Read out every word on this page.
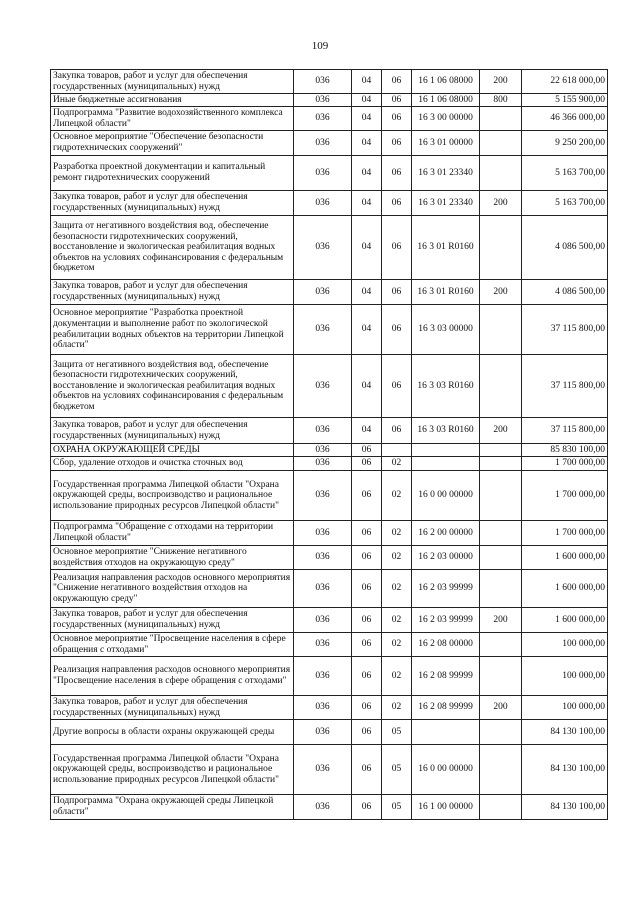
109
Закупка товаров, работ и услуг для обеспечения государственных (муниципальных) нужд	036	04	06	16 1 06 08000	200	22 618 000,00
Иные бюджетные ассигнования	036	04	06	16 1 06 08000	800	5 155 900,00
Подпрограмма "Развитие водохозяйственного комплекса Липецкой области"	036	04	06	16 3 00 00000		46 366 000,00
Основное мероприятие "Обеспечение безопасности гидротехнических сооружений"	036	04	06	16 3 01 00000		9 250 200,00
Разработка проектной документации и капитальный ремонт гидротехнических сооружений	036	04	06	16 3 01 23340		5 163 700,00
Закупка товаров, работ и услуг для обеспечения государственных (муниципальных) нужд	036	04	06	16 3 01 23340	200	5 163 700,00
Защита от негативного воздействия вод, обеспечение безопасности гидротехнических сооружений, восстановление и экологическая реабилитация водных объектов на условиях софинансирования с федеральным бюджетом	036	04	06	16 3 01 R0160		4 086 500,00
Закупка товаров, работ и услуг для обеспечения государственных (муниципальных) нужд	036	04	06	16 3 01 R0160	200	4 086 500,00
Основное мероприятие "Разработка проектной документации и выполнение работ по экологической реабилитации водных объектов на территории Липецкой области"	036	04	06	16 3 03 00000		37 115 800,00
Защита от негативного воздействия вод, обеспечение безопасности гидротехнических сооружений, восстановление и экологическая реабилитация водных объектов на условиях софинансирования с федеральным бюджетом	036	04	06	16 3 03 R0160		37 115 800,00
Закупка товаров, работ и услуг для обеспечения государственных (муниципальных) нужд	036	04	06	16 3 03 R0160	200	37 115 800,00
ОХРАНА ОКРУЖАЮЩЕЙ СРЕДЫ	036	06				85 830 100,00
Сбор, удаление отходов и очистка сточных вод	036	06	02			1 700 000,00
Государственная программа Липецкой области "Охрана окружающей среды, воспроизводство и рациональное использование природных ресурсов Липецкой области"	036	06	02	16 0 00 00000		1 700 000,00
Подпрограмма "Обращение с отходами на территории Липецкой области"	036	06	02	16 2 00 00000		1 700 000,00
Основное мероприятие "Снижение негативного воздействия отходов на окружающую среду"	036	06	02	16 2 03 00000		1 600 000,00
Реализация направления расходов основного мероприятия "Снижение негативного воздействия отходов на окружающую среду"	036	06	02	16 2 03 99999		1 600 000,00
Закупка товаров, работ и услуг для обеспечения государственных (муниципальных) нужд	036	06	02	16 2 03 99999	200	1 600 000,00
Основное мероприятие "Просвещение населения в сфере обращения с отходами"	036	06	02	16 2 08 00000		100 000,00
Реализация направления расходов основного мероприятия "Просвещение населения в сфере обращения с отходами"	036	06	02	16 2 08 99999		100 000,00
Закупка товаров, работ и услуг для обеспечения государственных (муниципальных) нужд	036	06	02	16 2 08 99999	200	100 000,00
Другие вопросы в области охраны окружающей среды	036	06	05			84 130 100,00
Государственная программа Липецкой области "Охрана окружающей среды, воспроизводство и рациональное использование природных ресурсов Липецкой области"	036	06	05	16 0 00 00000		84 130 100,00
Подпрограмма "Охрана окружающей среды Липецкой области"	036	06	05	16 1 00 00000		84 130 100,00
